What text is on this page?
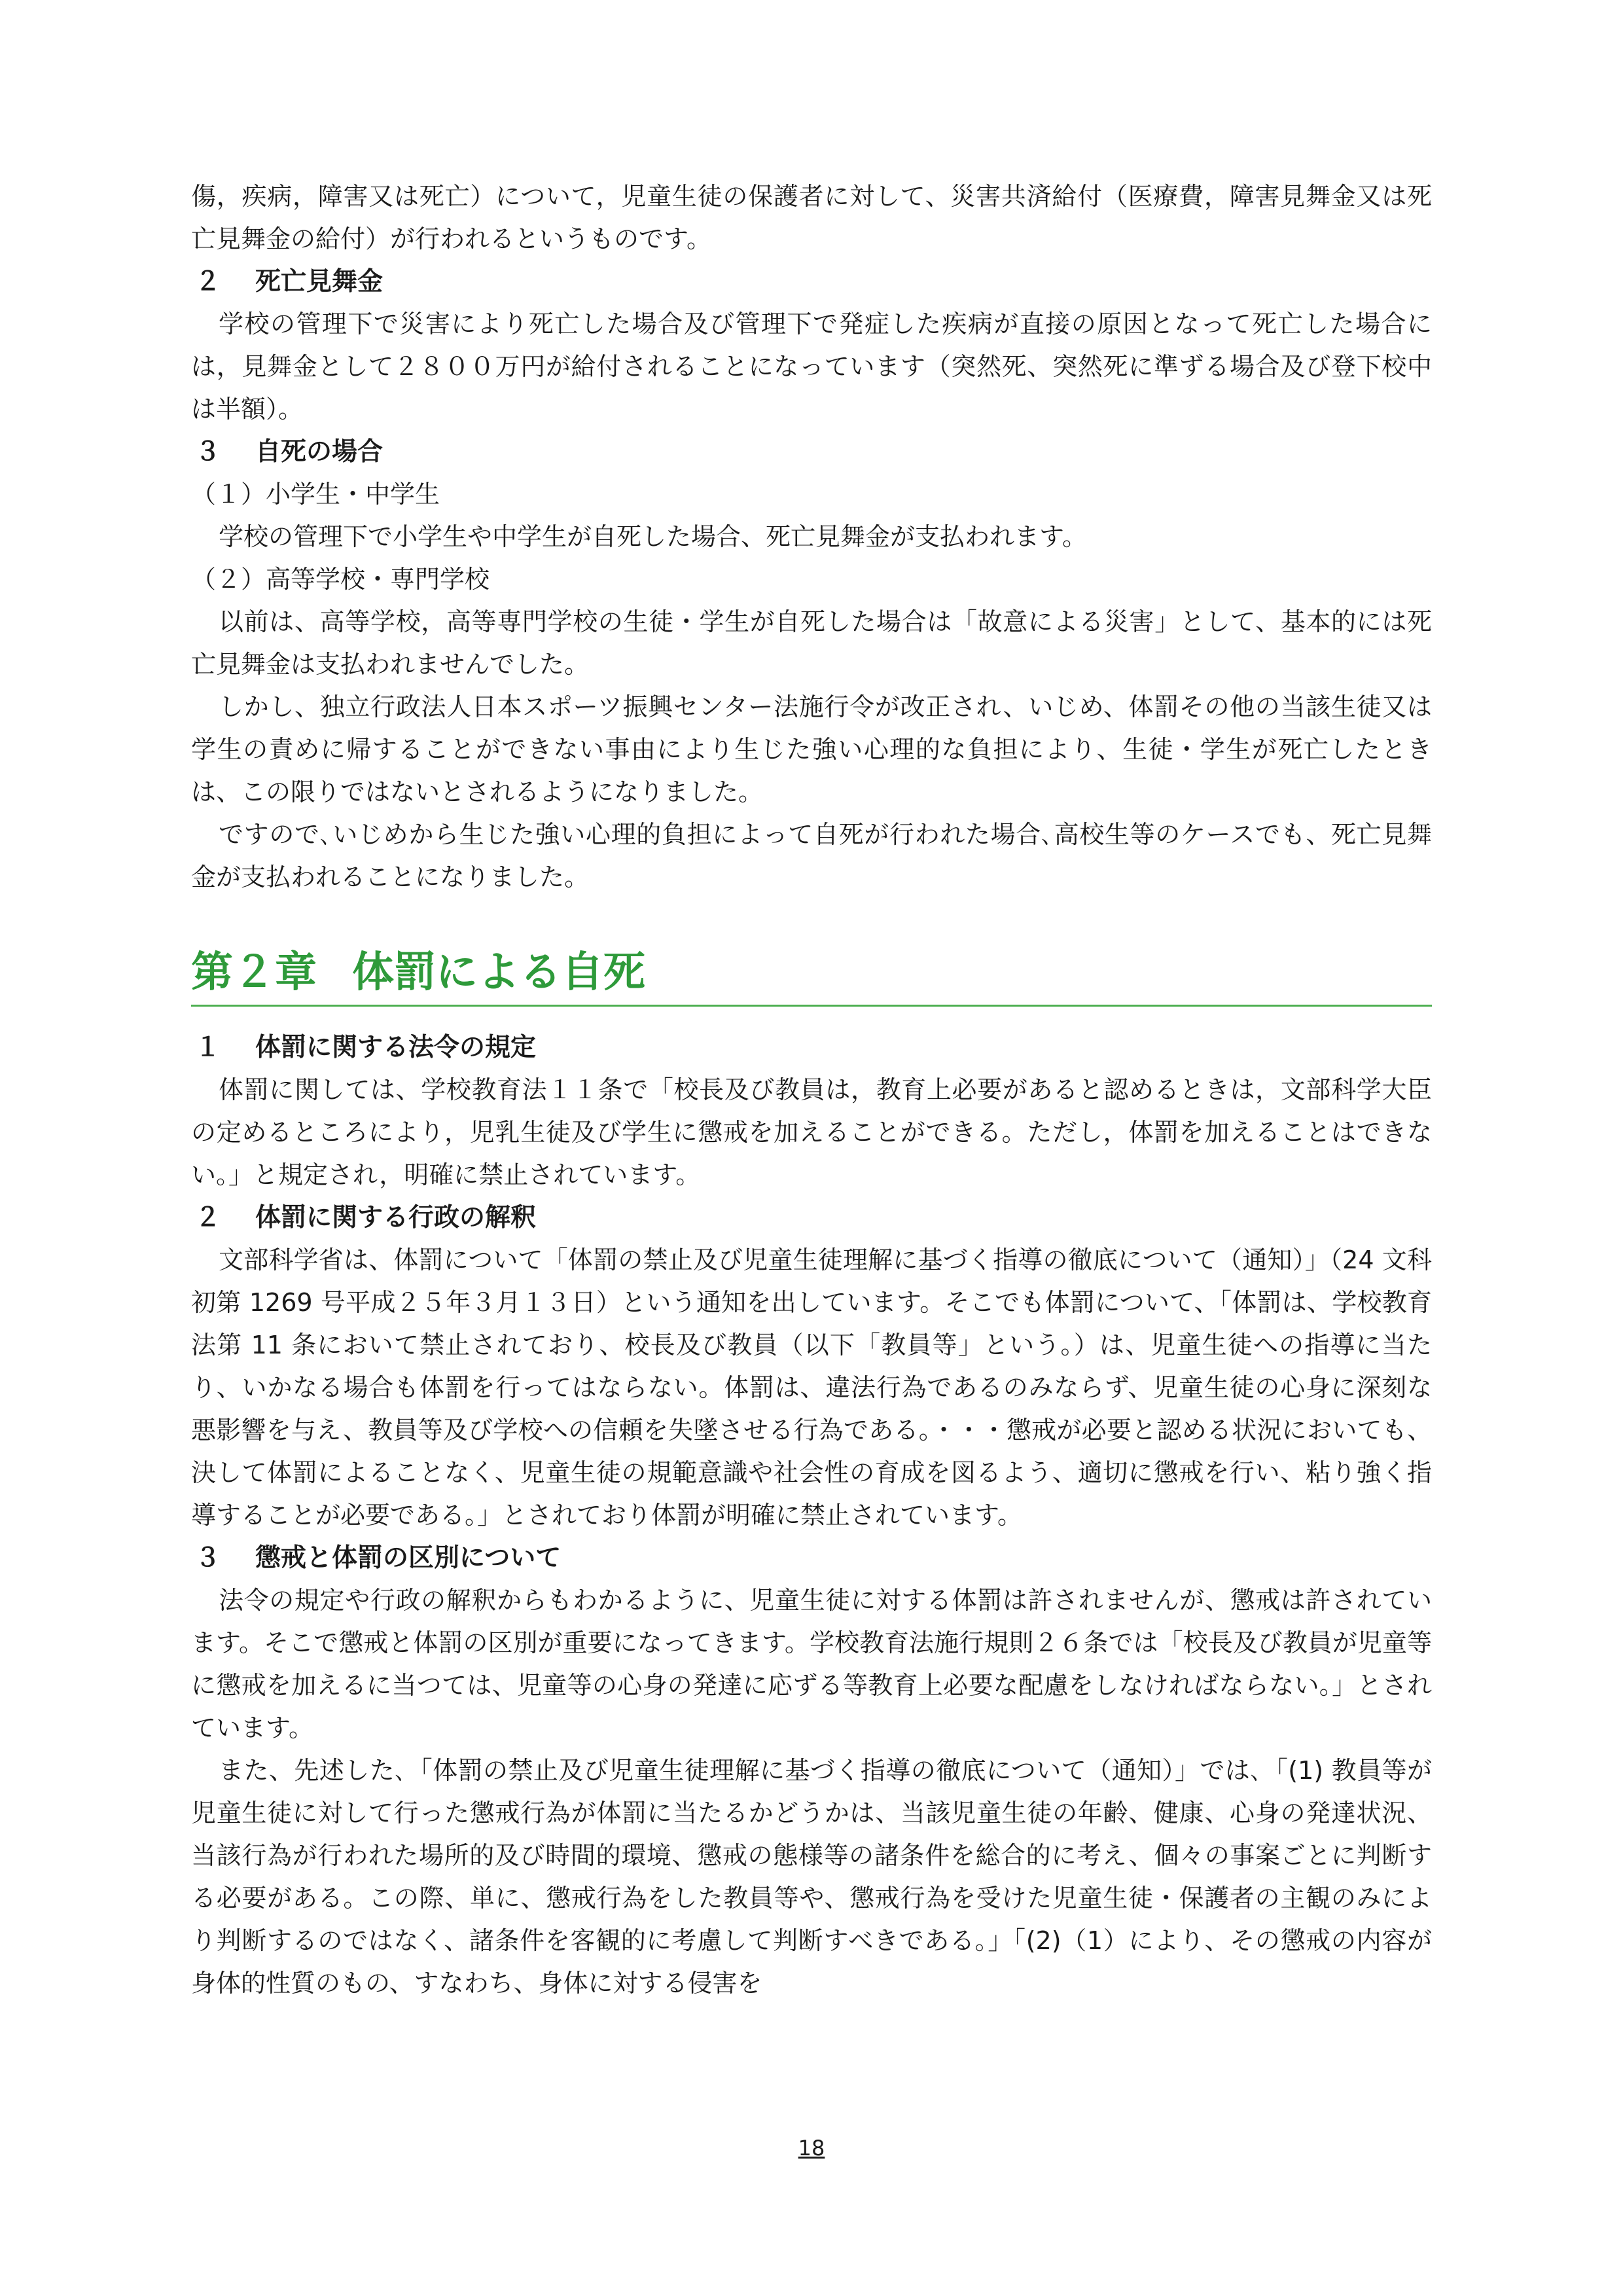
傷，疾病，障害又は死亡）について，児童生徒の保護者に対して、災害共済給付（医療費，障害見舞金又は死亡見舞金の給付）が行われるというものです。

２ 死亡見舞金

学校の管理下で災害により死亡した場合及び管理下で発症した疾病が直接の原因となって死亡した場合には，見舞金として２８００万円が給付されることになっています（突然死、突然死に準ずる場合及び登下校中は半額）。

３ 自死の場合

（１）小学生・中学生

学校の管理下で小学生や中学生が自死した場合、死亡見舞金が支払われます。

（２）高等学校・専門学校

以前は、高等学校，高等専門学校の生徒・学生が自死した場合は「故意による災害」として、基本的には死亡見舞金は支払われませんでした。

しかし、独立行政法人日本スポーツ振興センター法施行令が改正され、いじめ、体罰その他の当該生徒又は学生の責めに帰することができない事由により生じた強い心理的な負担により、生徒・学生が死亡したときは、この限りではないとされるようになりました。

ですので､いじめから生じた強い心理的負担によって自死が行われた場合､高校生等のケースでも、死亡見舞金が支払われることになりました。

第２章 体罰による自死
１ 体罰に関する法令の規定

体罰に関しては、学校教育法１１条で「校長及び教員は，教育上必要があると認めるときは，文部科学大臣の定めるところにより，児乳生徒及び学生に懲戒を加えることができる。ただし，体罰を加えることはできない。」と規定され，明確に禁止されています。

２ 体罰に関する行政の解釈

文部科学省は、体罰について「体罰の禁止及び児童生徒理解に基づく指導の徹底について（通知）」（24 文科初第 1269 号平成２５年３月１３日）という通知を出しています。そこでも体罰について、「体罰は、学校教育法第 11 条において禁止されており、校長及び教員（以下「教員等」という。）は、児童生徒への指導に当たり、いかなる場合も体罰を行ってはならない。体罰は、違法行為であるのみならず、児童生徒の心身に深刻な悪影響を与え、教員等及び学校への信頼を失墜させる行為である。・・・懲戒が必要と認める状況においても、決して体罰によることなく、児童生徒の規範意識や社会性の育成を図るよう、適切に懲戒を行い、粘り強く指導することが必要である。」とされており体罰が明確に禁止されています。

３ 懲戒と体罰の区別について

法令の規定や行政の解釈からもわかるように、児童生徒に対する体罰は許されませんが、懲戒は許されています。そこで懲戒と体罰の区別が重要になってきます。学校教育法施行規則２６条では「校長及び教員が児童等に懲戒を加えるに当つては、児童等の心身の発達に応ずる等教育上必要な配慮をしなければならない。」とされています。

また、先述した､「体罰の禁止及び児童生徒理解に基づく指導の徹底について（通知）」では､「(1) 教員等が児童生徒に対して行った懲戒行為が体罰に当たるかどうかは、当該児童生徒の年齢、健康、心身の発達状況、当該行為が行われた場所的及び時間的環境、懲戒の態様等の諸条件を総合的に考え、個々の事案ごとに判断する必要がある。この際、単に、懲戒行為をした教員等や、懲戒行為を受けた児童生徒・保護者の主観のみにより判断するのではなく、諸条件を客観的に考慮して判断すべきである。」「(2)（1）により、その懲戒の内容が身体的性質のもの、すなわち、身体に対する侵害を

18
